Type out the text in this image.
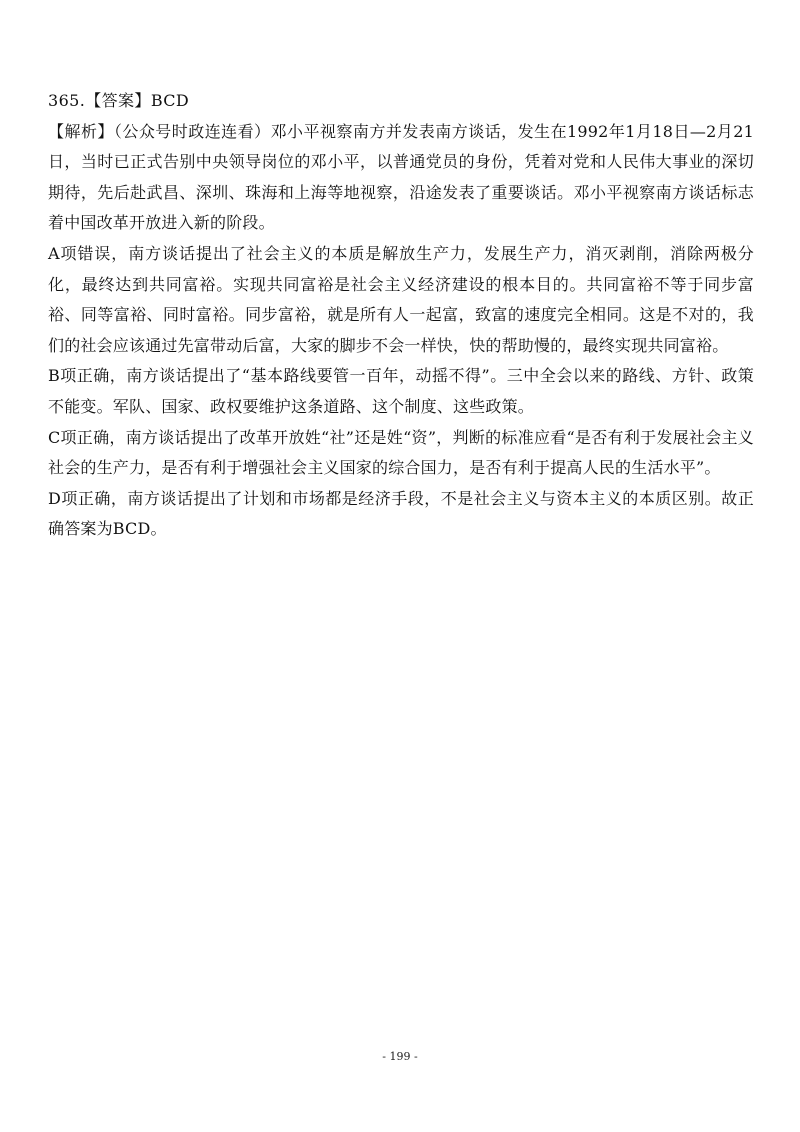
365.【答案】BCD

【解析】（公众号时政连连看）邓小平视察南方并发表南方谈话，发生在1992年1月18日—2月21日，当时已正式告别中央领导岗位的邓小平，以普通党员的身份，凭着对党和人民伟大事业的深切期待，先后赴武昌、深圳、珠海和上海等地视察，沿途发表了重要谈话。邓小平视察南方谈话标志着中国改革开放进入新的阶段。

A项错误，南方谈话提出了社会主义的本质是解放生产力，发展生产力，消灭剥削，消除两极分化，最终达到共同富裕。实现共同富裕是社会主义经济建设的根本目的。共同富裕不等于同步富裕、同等富裕、同时富裕。同步富裕，就是所有人一起富，致富的速度完全相同。这是不对的，我们的社会应该通过先富带动后富，大家的脚步不会一样快，快的帮助慢的，最终实现共同富裕。

B项正确，南方谈话提出了“基本路线要管一百年，动摇不得”。三中全会以来的路线、方针、政策不能变。军队、国家、政权要维护这条道路、这个制度、这些政策。

C项正确，南方谈话提出了改革开放姓“社”还是姓“资”，判断的标准应看“是否有利于发展社会主义社会的生产力，是否有利于增强社会主义国家的综合国力，是否有利于提高人民的生活水平”。

D项正确，南方谈话提出了计划和市场都是经济手段，不是社会主义与资本主义的本质区别。故正确答案为BCD。

- 199 -
